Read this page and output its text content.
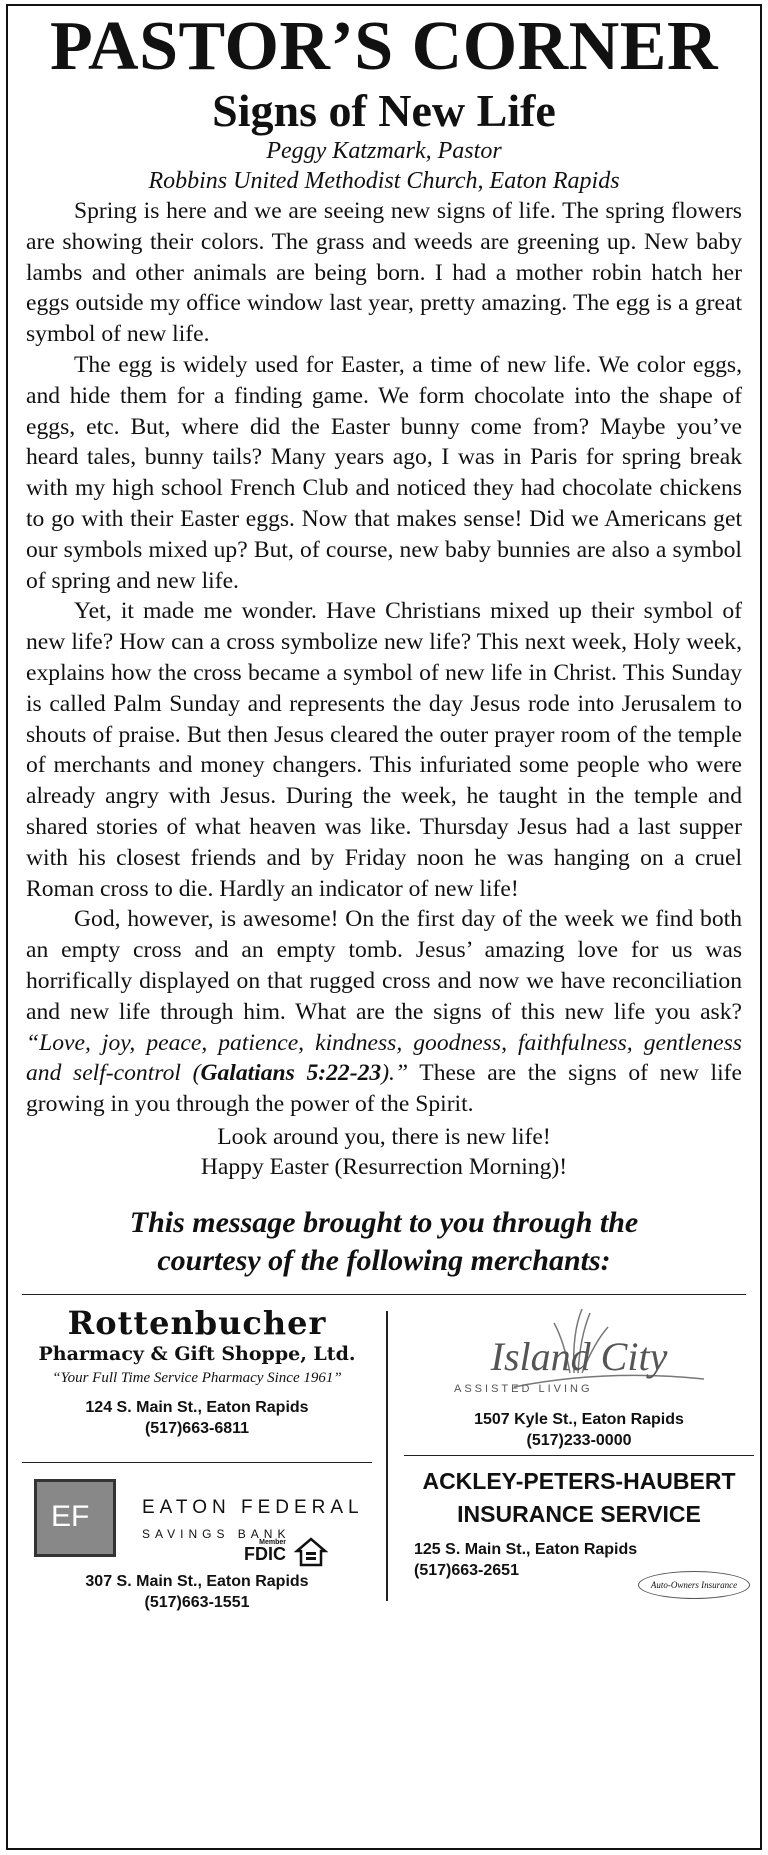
PASTOR’S CORNER
Signs of New Life
Peggy Katzmark, Pastor
Robbins United Methodist Church, Eaton Rapids

Spring is here and we are seeing new signs of life. The spring flowers are showing their colors. The grass and weeds are greening up. New baby lambs and other animals are being born. I had a mother robin hatch her eggs outside my office window last year, pretty amazing. The egg is a great symbol of new life.

The egg is widely used for Easter, a time of new life. We color eggs, and hide them for a finding game. We form chocolate into the shape of eggs, etc. But, where did the Easter bunny come from? Maybe you’ve heard tales, bunny tails? Many years ago, I was in Paris for spring break with my high school French Club and noticed they had chocolate chickens to go with their Easter eggs. Now that makes sense! Did we Americans get our symbols mixed up? But, of course, new baby bunnies are also a symbol of spring and new life.

Yet, it made me wonder. Have Christians mixed up their symbol of new life? How can a cross symbolize new life? This next week, Holy week, explains how the cross became a symbol of new life in Christ. This Sunday is called Palm Sunday and represents the day Jesus rode into Jerusalem to shouts of praise. But then Jesus cleared the outer prayer room of the temple of merchants and money changers. This infuriated some people who were already angry with Jesus. During the week, he taught in the temple and shared stories of what heaven was like. Thursday Jesus had a last supper with his closest friends and by Friday noon he was hanging on a cruel Roman cross to die. Hardly an indicator of new life!

God, however, is awesome! On the first day of the week we find both an empty cross and an empty tomb. Jesus’ amazing love for us was horrifically displayed on that rugged cross and now we have reconciliation and new life through him. What are the signs of this new life you ask? “Love, joy, peace, patience, kindness, goodness, faithfulness, gentleness and self-control (Galatians 5:22-23).” These are the signs of new life growing in you through the power of the Spirit.

Look around you, there is new life!
Happy Easter (Resurrection Morning)!
This message brought to you through the courtesy of the following merchants:
Rottenbucher
Pharmacy & Gift Shoppe, Ltd.
“Your Full Time Service Pharmacy Since 1961”
124 S. Main St., Eaton Rapids
(517)663-6811
Island City
ASSISTED LIVING
1507 Kyle St., Eaton Rapids
(517)233-0000
EF	EATON FEDERAL
SAVINGS BANK
Member
FDIC
307 S. Main St., Eaton Rapids
(517)663-1551
ACKLEY-PETERS-HAUBERT
INSURANCE SERVICE
125 S. Main St., Eaton Rapids
(517)663-2651
Auto-Owners Insurance
